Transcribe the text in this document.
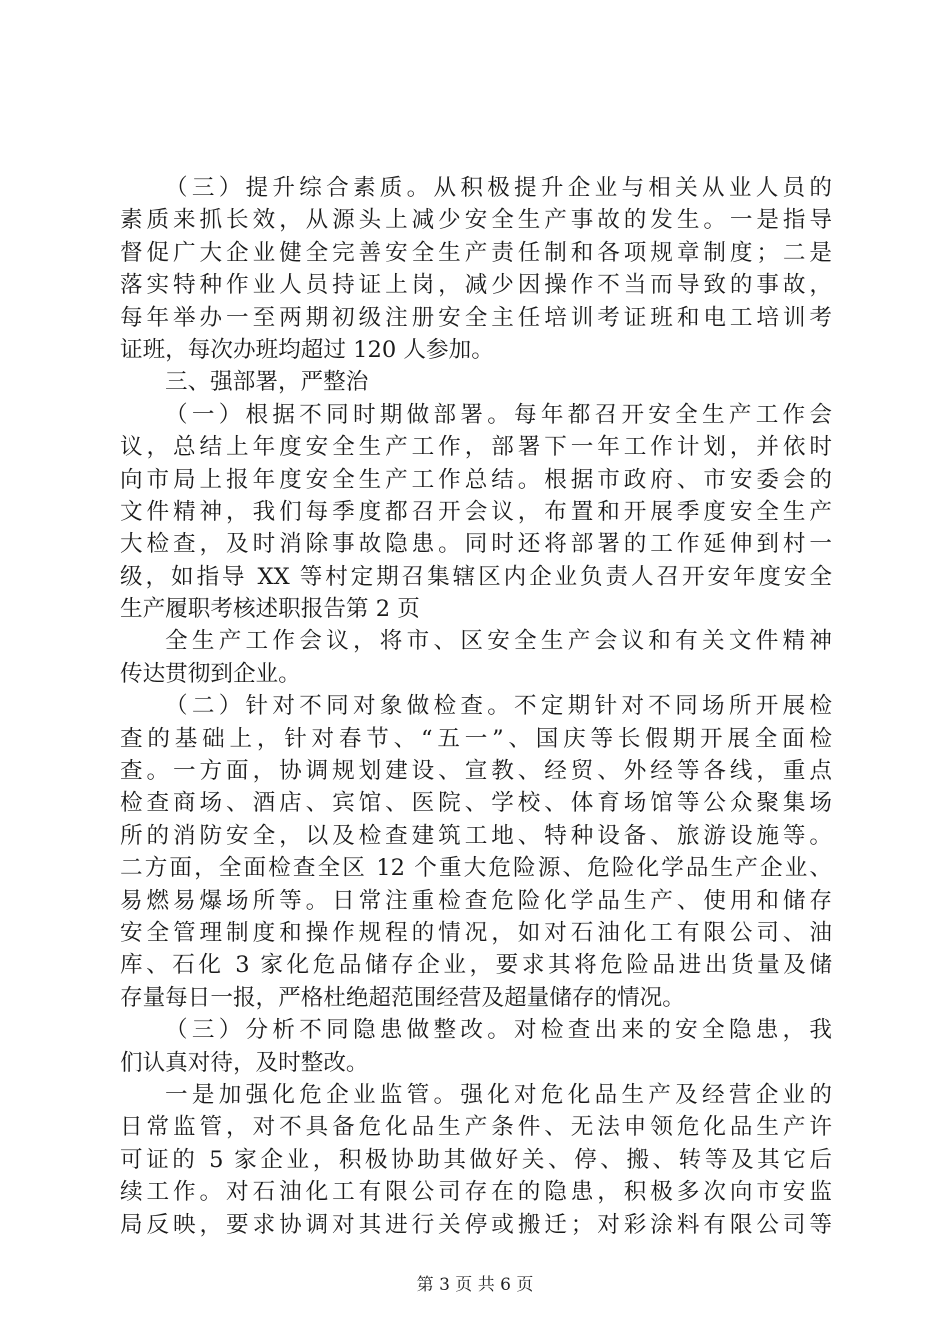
（三）提升综合素质。从积极提升企业与相关从业人员的
素质来抓长效，从源头上减少安全生产事故的发生。一是指导
督促广大企业健全完善安全生产责任制和各项规章制度；二是
落实特种作业人员持证上岗，减少因操作不当而导致的事故，
每年举办一至两期初级注册安全主任培训考证班和电工培训考
证班，每次办班均超过 120 人参加。
三、强部署，严整治
（一）根据不同时期做部署。每年都召开安全生产工作会
议，总结上年度安全生产工作，部署下一年工作计划，并依时
向市局上报年度安全生产工作总结。根据市政府、市安委会的
文件精神，我们每季度都召开会议，布置和开展季度安全生产
大检查，及时消除事故隐患。同时还将部署的工作延伸到村一
级，如指导 XX 等村定期召集辖区内企业负责人召开安年度安全
生产履职考核述职报告第 2 页
全生产工作会议，将市、区安全生产会议和有关文件精神
传达贯彻到企业。
（二）针对不同对象做检查。不定期针对不同场所开展检
查的基础上，针对春节、“五一”、国庆等长假期开展全面检
查。一方面，协调规划建设、宣教、经贸、外经等各线，重点
检查商场、酒店、宾馆、医院、学校、体育场馆等公众聚集场
所的消防安全，以及检查建筑工地、特种设备、旅游设施等。
二方面，全面检查全区 12 个重大危险源、危险化学品生产企业、
易燃易爆场所等。日常注重检查危险化学品生产、使用和储存
安全管理制度和操作规程的情况，如对石油化工有限公司、油
库、石化 3 家化危品储存企业，要求其将危险品进出货量及储
存量每日一报，严格杜绝超范围经营及超量储存的情况。
（三）分析不同隐患做整改。对检查出来的安全隐患，我
们认真对待，及时整改。
一是加强化危企业监管。强化对危化品生产及经营企业的
日常监管，对不具备危化品生产条件、无法申领危化品生产许
可证的 5 家企业，积极协助其做好关、停、搬、转等及其它后
续工作。对石油化工有限公司存在的隐患，积极多次向市安监
局反映，要求协调对其进行关停或搬迁；对彩涂料有限公司等
第 3 页 共 6 页
